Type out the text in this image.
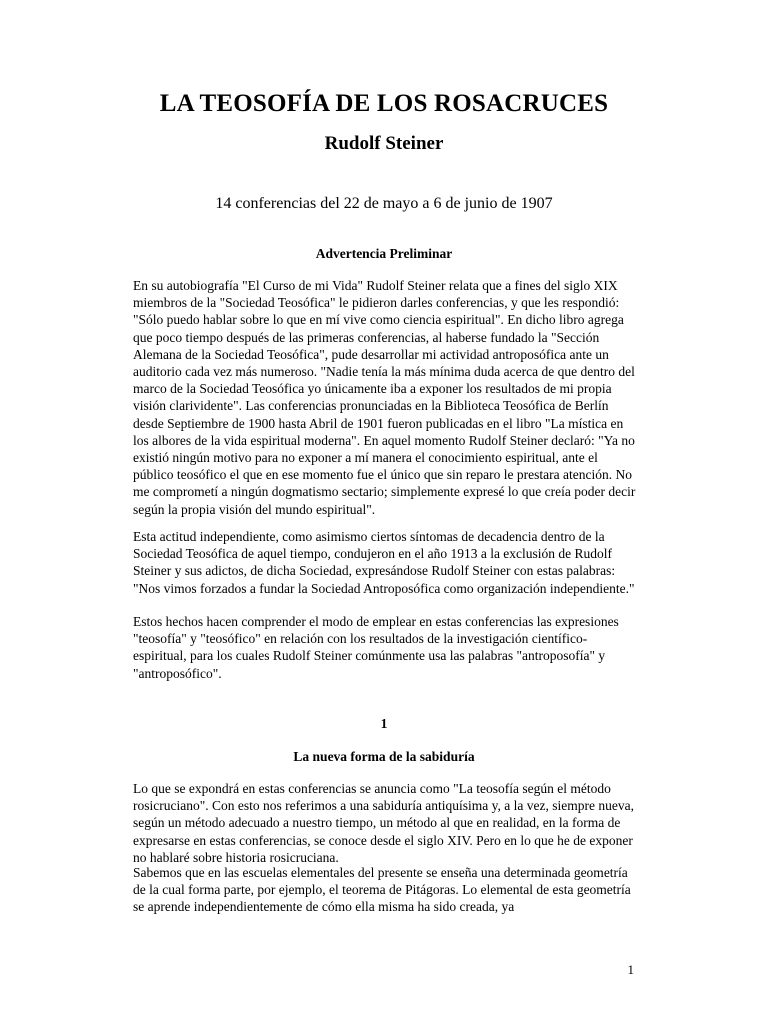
LA TEOSOFÍA DE LOS ROSACRUCES
Rudolf Steiner

14 conferencias del 22 de mayo a 6 de junio de 1907

Advertencia Preliminar

En su autobiografía "El Curso de mi Vida" Rudolf Steiner relata que a fines del siglo XIX miembros de la "Sociedad Teosófica" le pidieron darles conferencias, y que les respondió: "Sólo puedo hablar sobre lo que en mí vive como ciencia espiritual". En dicho libro agrega que poco tiempo después de las primeras conferencias, al haberse fundado la "Sección Alemana de la Sociedad Teosófica", pude desarrollar mi actividad antroposófica ante un auditorio cada vez más numeroso. "Nadie tenía la más mínima duda acerca de que dentro del marco de la Sociedad Teosófica yo únicamente iba a exponer los resultados de mi propia visión clarividente". Las conferencias pronunciadas en la Biblioteca Teosófica de Berlín desde Septiembre de 1900 hasta Abril de 1901 fueron publicadas en el libro "La mística en los albores de la vida espiritual moderna". En aquel momento Rudolf Steiner declaró: "Ya no existió ningún motivo para no exponer a mí manera el conocimiento espiritual, ante el público teosófico el que en ese momento fue el único que sin reparo le prestara atención. No me comprometí a ningún dogmatismo sectario; simplemente expresé lo que creía poder decir según la propia visión del mundo espiritual".

Esta actitud independiente, como asimismo ciertos síntomas de decadencia dentro de la Sociedad Teosófica de aquel tiempo, condujeron en el año 1913 a la exclusión de Rudolf Steiner y sus adictos, de dicha Sociedad, expresándose Rudolf Steiner con estas palabras: "Nos vimos forzados a fundar la Sociedad Antroposófica como organización independiente."

Estos hechos hacen comprender el modo de emplear en estas conferencias las expresiones "teosofía" y "teosófico" en relación con los resultados de la investigación científico-espiritual, para los cuales Rudolf Steiner comúnmente usa las palabras "antroposofía" y "antroposófico".

1
La nueva forma de la sabiduría

Lo que se expondrá en estas conferencias se anuncia como "La teosofía según el método rosicruciano". Con esto nos referimos a una sabiduría antiquísima y, a la vez, siempre nueva, según un método adecuado a nuestro tiempo, un método al que en realidad, en la forma de expresarse en estas conferencias, se conoce desde el siglo XIV. Pero en lo que he de exponer no hablaré sobre historia rosicruciana.

Sabemos que en las escuelas elementales del presente se enseña una determinada geometría de la cual forma parte, por ejemplo, el teorema de Pitágoras. Lo elemental de esta geometría se aprende independientemente de cómo ella misma ha sido creada, ya

1
